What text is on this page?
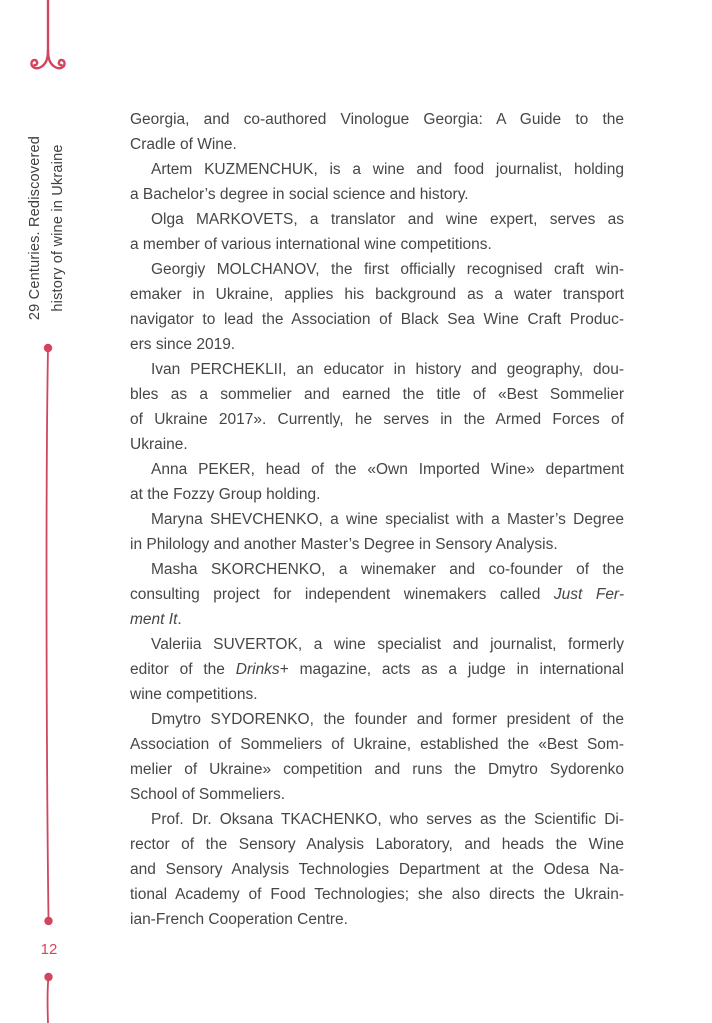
29 Centuries. Rediscovered history of wine in Ukraine
12
Georgia, and co-authored Vinologue Georgia: A Guide to the
Cradle of Wine.
Artem KUZMENCHUK, is a wine and food journalist, holding
a Bachelor’s degree in social science and history.
Olga MARKOVETS, a translator and wine expert, serves as
a member of various international wine competitions.
Georgiy MOLCHANOV, the first officially recognised craft win-
emaker in Ukraine, applies his background as a water transport
navigator to lead the Association of Black Sea Wine Craft Produc-
ers since 2019.
Ivan PERCHEKLII, an educator in history and geography, dou-
bles as a sommelier and earned the title of «Best Sommelier
of Ukraine 2017». Currently, he serves in the Armed Forces of
Ukraine.
Anna PEKER, head of the «Own Imported Wine» department
at the Fozzy Group holding.
Maryna SHEVCHENKO, a wine specialist with a Master’s Degree
in Philology and another Master’s Degree in Sensory Analysis.
Masha SKORCHENKO, a winemaker and co-founder of the
consulting project for independent winemakers called Just Fer-
ment It.
Valeriia SUVERTOK, a wine specialist and journalist, formerly
editor of the Drinks+ magazine, acts as a judge in international
wine competitions.
Dmytro SYDORENKO, the founder and former president of the
Association of Sommeliers of Ukraine, established the «Best Som-
melier of Ukraine» competition and runs the Dmytro Sydorenko
School of Sommeliers.
Prof. Dr. Oksana TKACHENKO, who serves as the Scientific Di-
rector of the Sensory Analysis Laboratory, and heads the Wine
and Sensory Analysis Technologies Department at the Odesa Na-
tional Academy of Food Technologies; she also directs the Ukrain-
ian-French Cooperation Centre.
